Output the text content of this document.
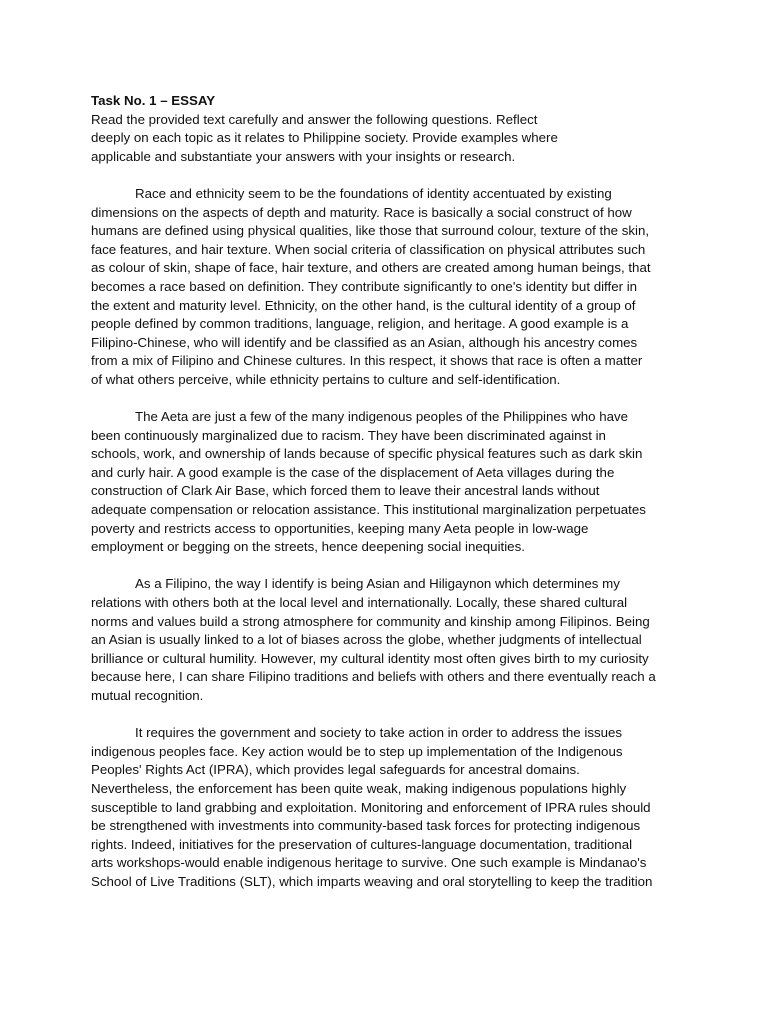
Task No. 1 – ESSAY
Read the provided text carefully and answer the following questions. Reflect
deeply on each topic as it relates to Philippine society. Provide examples where
applicable and substantiate your answers with your insights or research.
Race and ethnicity seem to be the foundations of identity accentuated by existing
dimensions on the aspects of depth and maturity. Race is basically a social construct of how
humans are defined using physical qualities, like those that surround colour, texture of the skin,
face features, and hair texture. When social criteria of classification on physical attributes such
as colour of skin, shape of face, hair texture, and others are created among human beings, that
becomes a race based on definition. They contribute significantly to one's identity but differ in
the extent and maturity level. Ethnicity, on the other hand, is the cultural identity of a group of
people defined by common traditions, language, religion, and heritage. A good example is a
Filipino-Chinese, who will identify and be classified as an Asian, although his ancestry comes
from a mix of Filipino and Chinese cultures. In this respect, it shows that race is often a matter
of what others perceive, while ethnicity pertains to culture and self-identification.
The Aeta are just a few of the many indigenous peoples of the Philippines who have
been continuously marginalized due to racism. They have been discriminated against in
schools, work, and ownership of lands because of specific physical features such as dark skin
and curly hair. A good example is the case of the displacement of Aeta villages during the
construction of Clark Air Base, which forced them to leave their ancestral lands without
adequate compensation or relocation assistance. This institutional marginalization perpetuates
poverty and restricts access to opportunities, keeping many Aeta people in low-wage
employment or begging on the streets, hence deepening social inequities.
As a Filipino, the way I identify is being Asian and Hiligaynon which determines my
relations with others both at the local level and internationally. Locally, these shared cultural
norms and values build a strong atmosphere for community and kinship among Filipinos. Being
an Asian is usually linked to a lot of biases across the globe, whether judgments of intellectual
brilliance or cultural humility. However, my cultural identity most often gives birth to my curiosity
because here, I can share Filipino traditions and beliefs with others and there eventually reach a
mutual recognition.
It requires the government and society to take action in order to address the issues
indigenous peoples face. Key action would be to step up implementation of the Indigenous
Peoples' Rights Act (IPRA), which provides legal safeguards for ancestral domains.
Nevertheless, the enforcement has been quite weak, making indigenous populations highly
susceptible to land grabbing and exploitation. Monitoring and enforcement of IPRA rules should
be strengthened with investments into community-based task forces for protecting indigenous
rights. Indeed, initiatives for the preservation of cultures-language documentation, traditional
arts workshops-would enable indigenous heritage to survive. One such example is Mindanao's
School of Live Traditions (SLT), which imparts weaving and oral storytelling to keep the tradition
